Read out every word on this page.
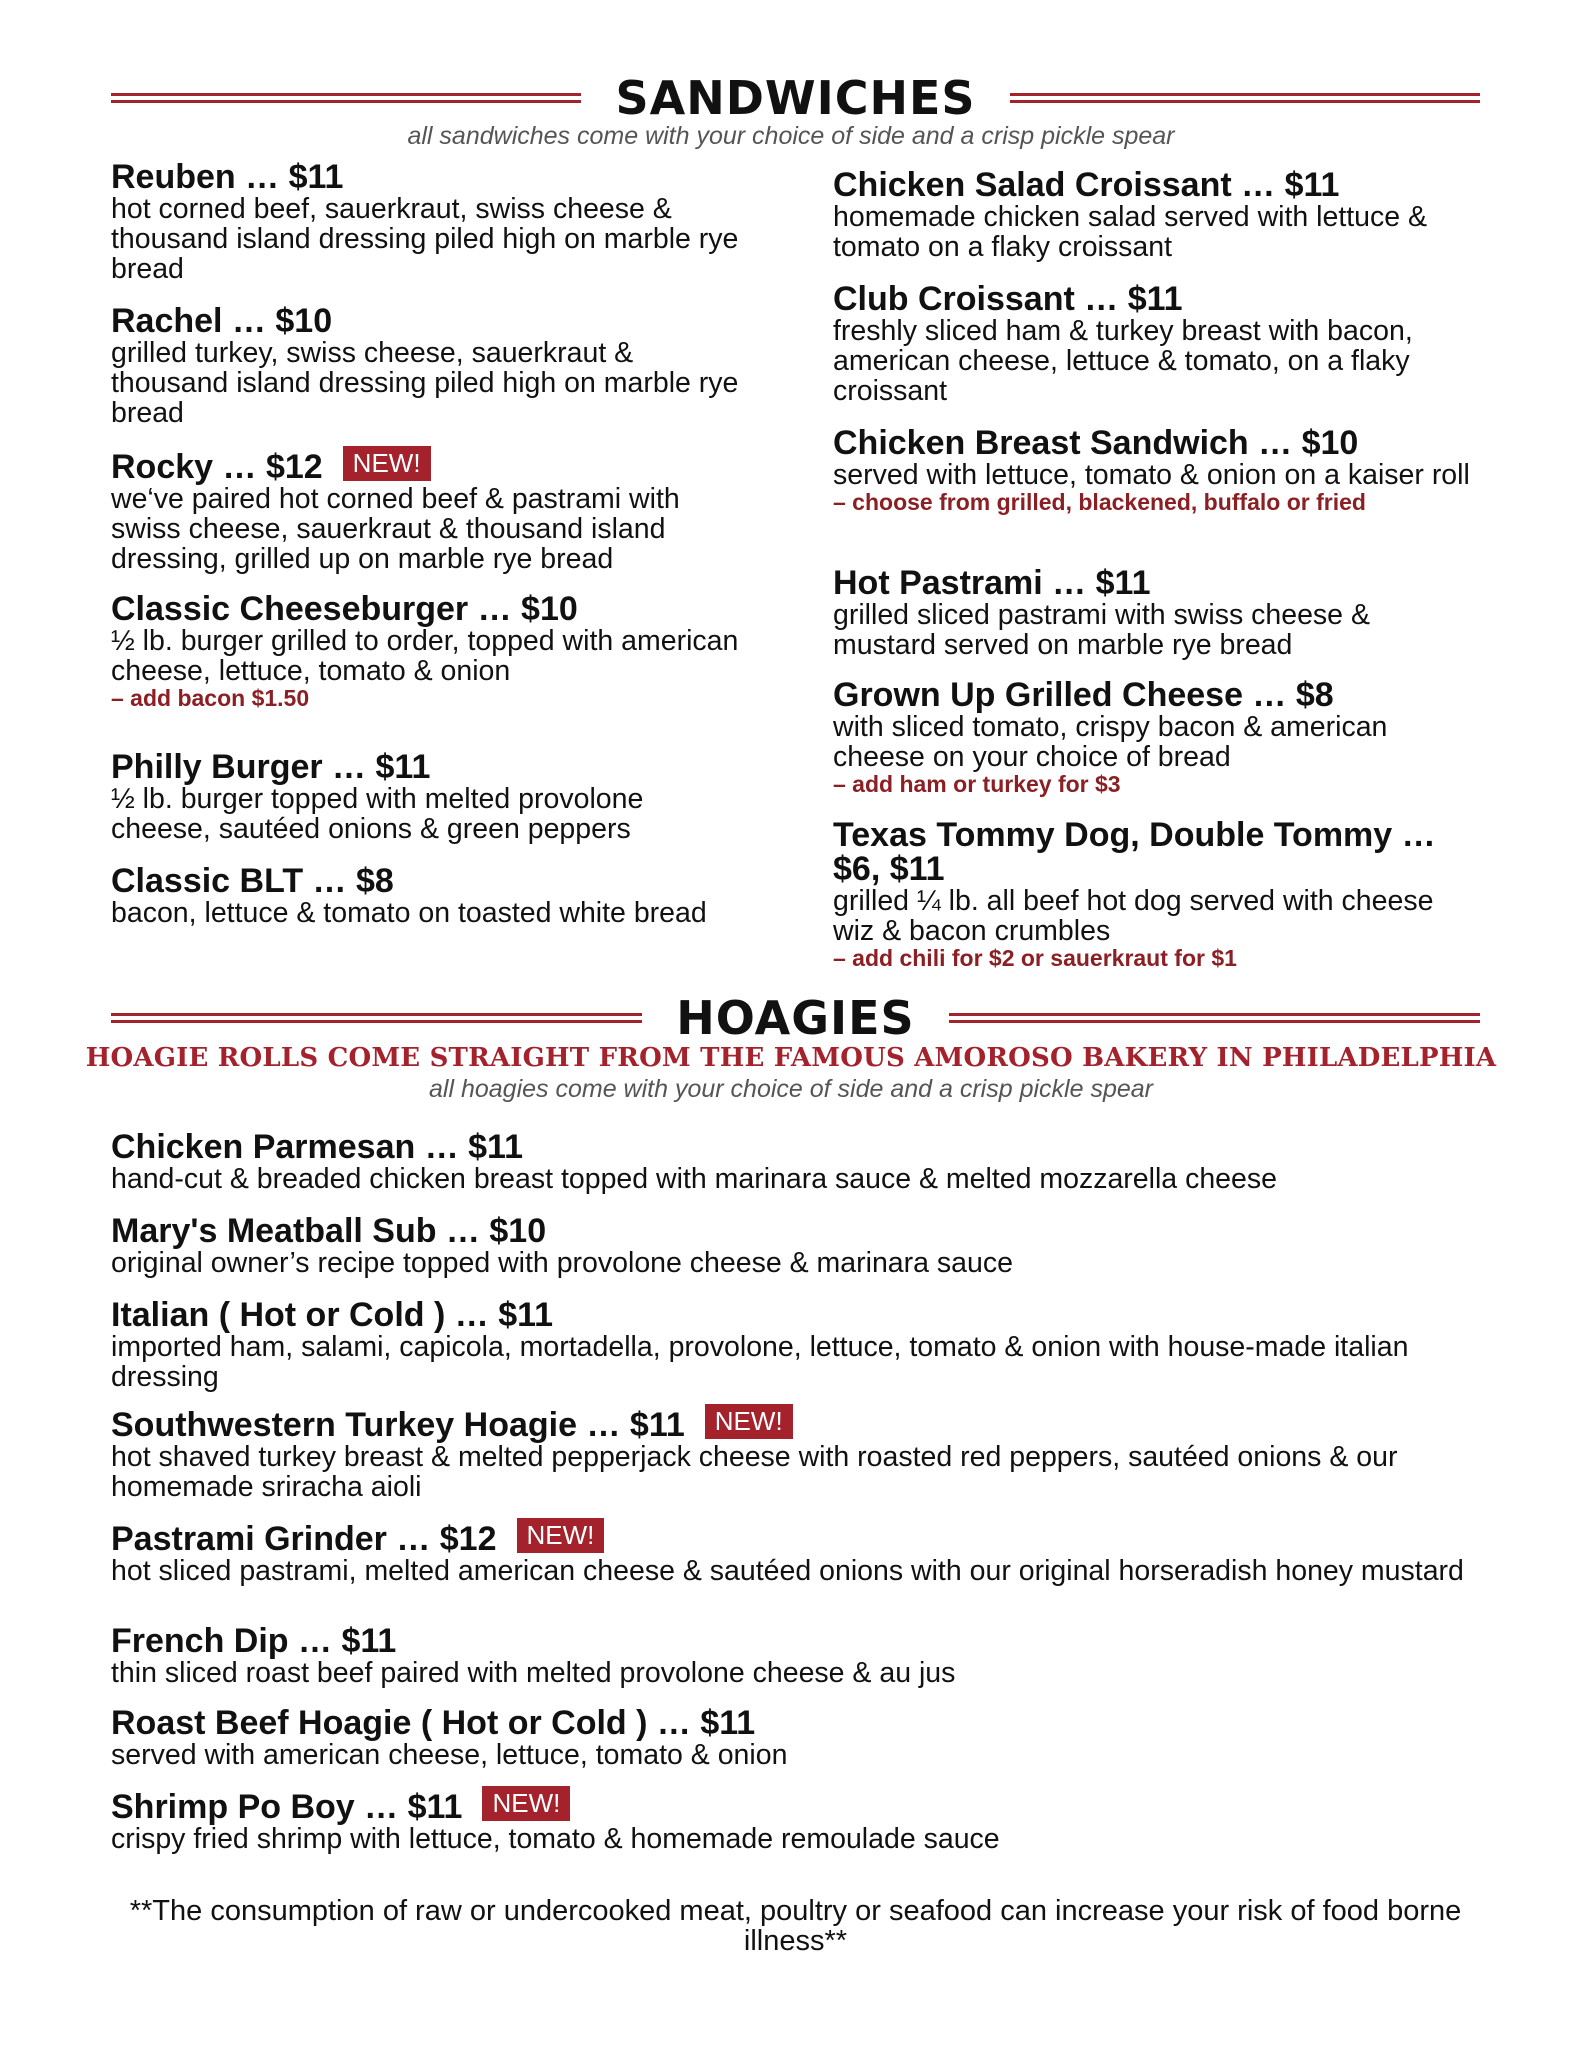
SANDWICHES
all sandwiches come with your choice of side and a crisp pickle spear
Reuben … $11
hot corned beef, sauerkraut, swiss cheese & thousand island dressing piled high on marble rye bread
Rachel … $10
grilled turkey, swiss cheese, sauerkraut & thousand island dressing piled high on marble rye bread
Rocky … $12 NEW!
we‘ve paired hot corned beef & pastrami with swiss cheese, sauerkraut & thousand island dressing, grilled up on marble rye bread
Classic Cheeseburger … $10
½ lb. burger grilled to order, topped with american cheese, lettuce, tomato & onion
– add bacon $1.50
Philly Burger … $11
½ lb. burger topped with melted provolone cheese, sautéed onions & green peppers
Classic BLT … $8
bacon, lettuce & tomato on toasted white bread
Chicken Salad Croissant … $11
homemade chicken salad served with lettuce & tomato on a flaky croissant
Club Croissant … $11
freshly sliced ham & turkey breast with bacon, american cheese, lettuce & tomato, on a flaky croissant
Chicken Breast Sandwich … $10
served with lettuce, tomato & onion on a kaiser roll
– choose from grilled, blackened, buffalo or fried
Hot Pastrami … $11
grilled sliced pastrami with swiss cheese & mustard served on marble rye bread
Grown Up Grilled Cheese … $8
with sliced tomato, crispy bacon & american cheese on your choice of bread
– add ham or turkey for $3
Texas Tommy Dog, Double Tommy … $6, $11
grilled ¼ lb. all beef hot dog served with cheese wiz & bacon crumbles
– add chili for $2 or sauerkraut for $1
HOAGIES
HOAGIE ROLLS COME STRAIGHT FROM THE FAMOUS AMOROSO BAKERY IN PHILADELPHIA
all hoagies come with your choice of side and a crisp pickle spear
Chicken Parmesan … $11
hand-cut & breaded chicken breast topped with marinara sauce & melted mozzarella cheese
Mary's Meatball Sub … $10
original owner’s recipe topped with provolone cheese & marinara sauce
Italian ( Hot or Cold ) … $11
imported ham, salami, capicola, mortadella, provolone, lettuce, tomato & onion with house-made italian dressing
Southwestern Turkey Hoagie … $11 NEW!
hot shaved turkey breast & melted pepperjack cheese with roasted red peppers, sautéed onions & our homemade sriracha aioli
Pastrami Grinder … $12 NEW!
hot sliced pastrami, melted american cheese & sautéed onions with our original horseradish honey mustard
French Dip … $11
thin sliced roast beef paired with melted provolone cheese & au jus
Roast Beef Hoagie ( Hot or Cold ) … $11
served with american cheese, lettuce, tomato & onion
Shrimp Po Boy … $11 NEW!
crispy fried shrimp with lettuce, tomato & homemade remoulade sauce
**The consumption of raw or undercooked meat, poultry or seafood can increase your risk of food borne illness**
